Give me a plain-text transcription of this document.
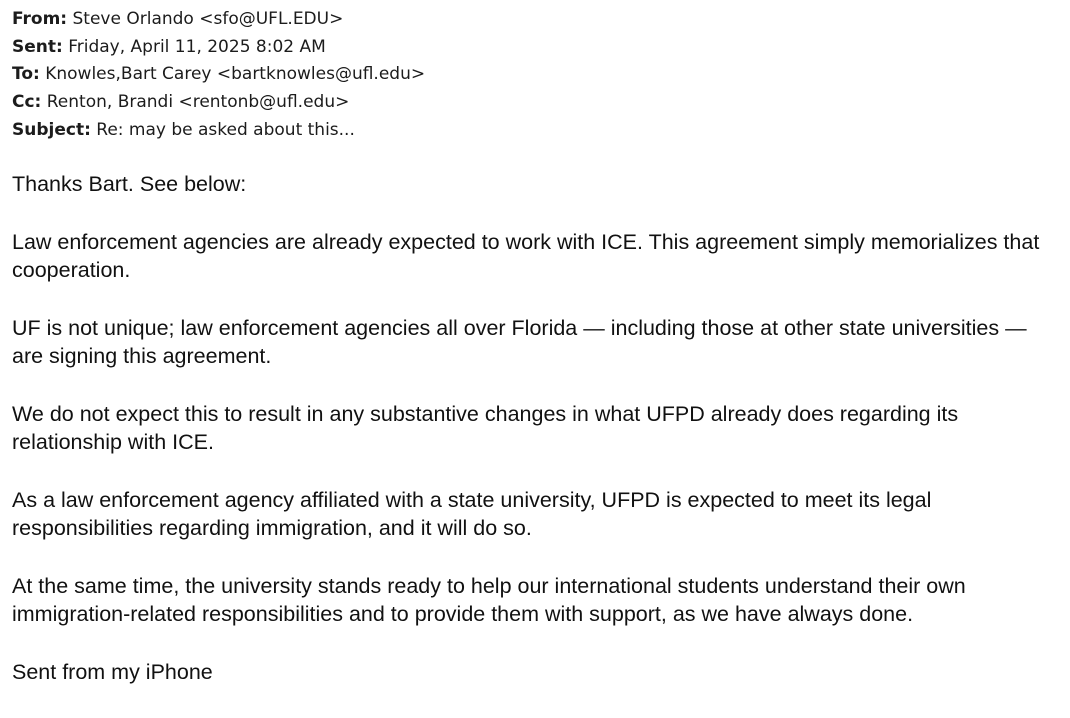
From: Steve Orlando <sfo@UFL.EDU>
Sent: Friday, April 11, 2025 8:02 AM
To: Knowles,Bart Carey <bartknowles@ufl.edu>
Cc: Renton, Brandi <rentonb@ufl.edu>
Subject: Re: may be asked about this...

Thanks Bart. See below:

Law enforcement agencies are already expected to work with ICE. This agreement simply memorializes that cooperation.

UF is not unique; law enforcement agencies all over Florida — including those at other state universities — are signing this agreement.

We do not expect this to result in any substantive changes in what UFPD already does regarding its relationship with ICE.

As a law enforcement agency affiliated with a state university, UFPD is expected to meet its legal responsibilities regarding immigration, and it will do so.

At the same time, the university stands ready to help our international students understand their own immigration-related responsibilities and to provide them with support, as we have always done.

Sent from my iPhone
